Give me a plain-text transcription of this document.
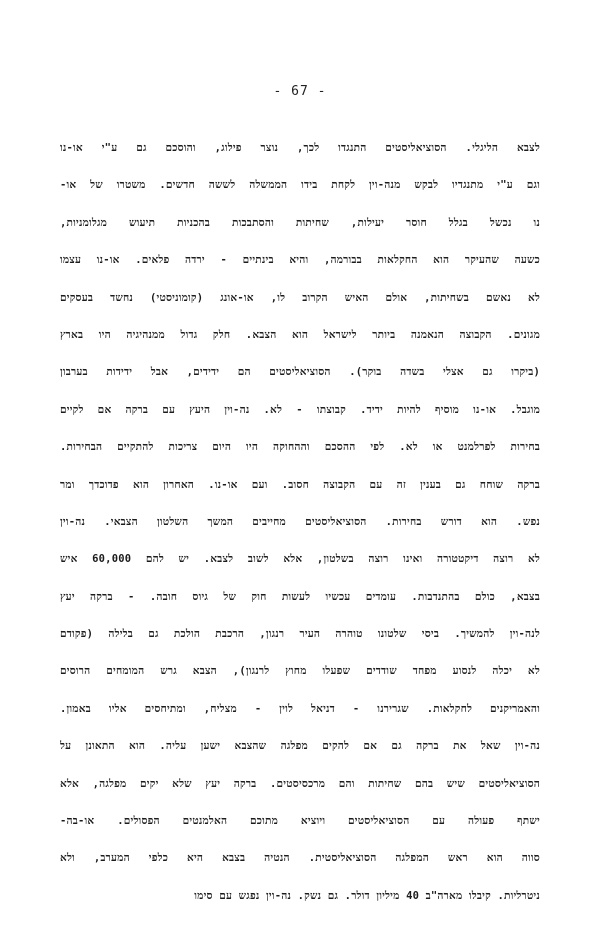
- 67 -
לצבא הליגלי. הסוציאליסטים התנגדו לכך, נוצר פילוג, והוסכם גם ע"י או-נו
וגם ע"י מתנגדיו לבקש מנה-וין לקחת בידו הממשלה לששה חדשים. משטרו של או-
נו נכשל בגלל חוסר יעילות, שחיתות והסתבכות בהכניות תיעוש מגלומניות,
כשעה שהעיקר הוא החקלאות בבורמה, והיא בינתיים - ירדה פלאים. או-נו עצמו
לא נאשם בשחיתות, אולם האיש הקרוב לו, או-אונג (קומוניסטי) נחשד בעסקים
מגונים. הקבוצה הנאמנה ביותר לישראל הוא הצבא. חלק גדול ממנהיגיה היו בארץ
(ביקרו גם אצלי בשדה בוקר). הסוציאליסטים הם ידידים, אבל ידידות בערבון
מוגבל. או-נו מוסיף להיות ידיד. קבוצתו - לא. נה-וין היעץ עם ברקה אם לקיים
בחירות לפרלמנט או לא. לפי ההסכם וההחוקה היו היום צריכות להתקיים הבחירות.
ברקה שוחח גם בענין זה עם הקבוצה חסוב. ועם או-נו. האחרון הוא פדוכדך ומר
נפש. הוא דורש בחירות. הסוציאליסטים מחייבים המשך השלטון הצבאי. נה-וין
לא רוצה דיקטטורה ואינו רוצה בשלטון, אלא לשוב לצבא. יש להם 60,000 איש
בצבא, כולם בהתנדבות. עומדים עכשיו לעשות חוק של גיוס חובה. - ברקה יעץ
לנה-וין להמשיך. ביסי שלטונו טוהרה העיר רנגון, הרכבת הולכת גם בלילה (פקודם
לא יכלה לנסוע מפחד שודדים שפעלו מחוץ לרנגון), הצבא גרש המומחים הרוסים
והאמריקנים לחקלאות. שגרירנו - דניאל לוין - מצליח, ומתיחסים אליו באמון.
נה-וין שאל את ברקה גם אם להקים מפלגה שהצבא ישען עליה. הוא התאונן על
הסוציאליסטים שיש בהם שחיתות והם מרכסיסטים. ברקה יעץ שלא יקים מפלגה, אלא
ישתף פעולה עם הסוציאליסטים ויוציא מתוכם האלמנטים הפסולים. או-בה-
סווה הוא ראש המפלגה הסוציאליסטית. הנטיה בצבא היא כלפי המערב, ולא
ניטרליות. קיבלו מארה"ב 40 מיליון דולר. גם נשק. נה-וין נפגש עם סימו
